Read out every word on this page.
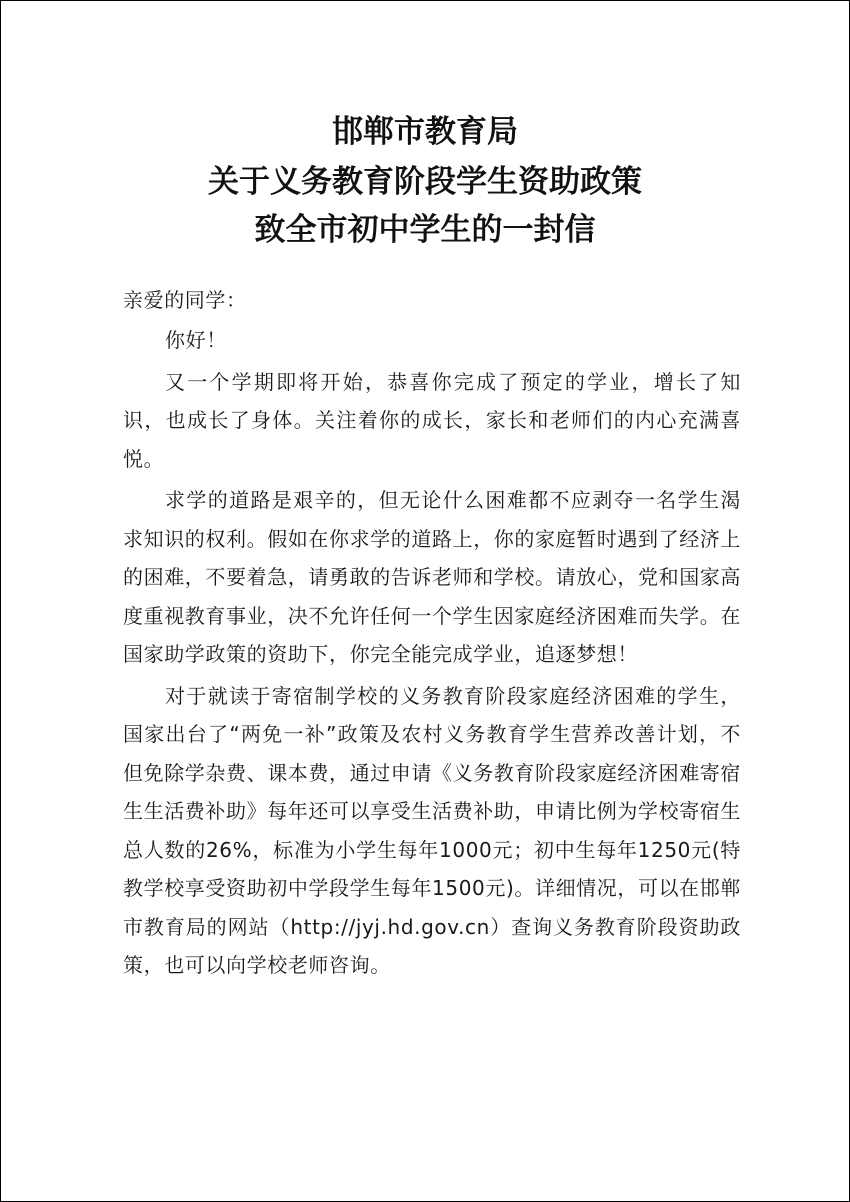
邯郸市教育局
关于义务教育阶段学生资助政策
致全市初中学生的一封信

亲爱的同学：

你好！

又一个学期即将开始，恭喜你完成了预定的学业，增长了知识，也成长了身体。关注着你的成长，家长和老师们的内心充满喜悦。

求学的道路是艰辛的，但无论什么困难都不应剥夺一名学生渴求知识的权利。假如在你求学的道路上，你的家庭暂时遇到了经济上的困难，不要着急，请勇敢的告诉老师和学校。请放心，党和国家高度重视教育事业，决不允许任何一个学生因家庭经济困难而失学。在国家助学政策的资助下，你完全能完成学业，追逐梦想！

对于就读于寄宿制学校的义务教育阶段家庭经济困难的学生，国家出台了“两免一补”政策及农村义务教育学生营养改善计划，不但免除学杂费、课本费，通过申请《义务教育阶段家庭经济困难寄宿生生活费补助》每年还可以享受生活费补助，申请比例为学校寄宿生总人数的26%，标准为小学生每年1000元；初中生每年1250元(特教学校享受资助初中学段学生每年1500元)。详细情况，可以在邯郸市教育局的网站（http://jyj.hd.gov.cn）查询义务教育阶段资助政策，也可以向学校老师咨询。
